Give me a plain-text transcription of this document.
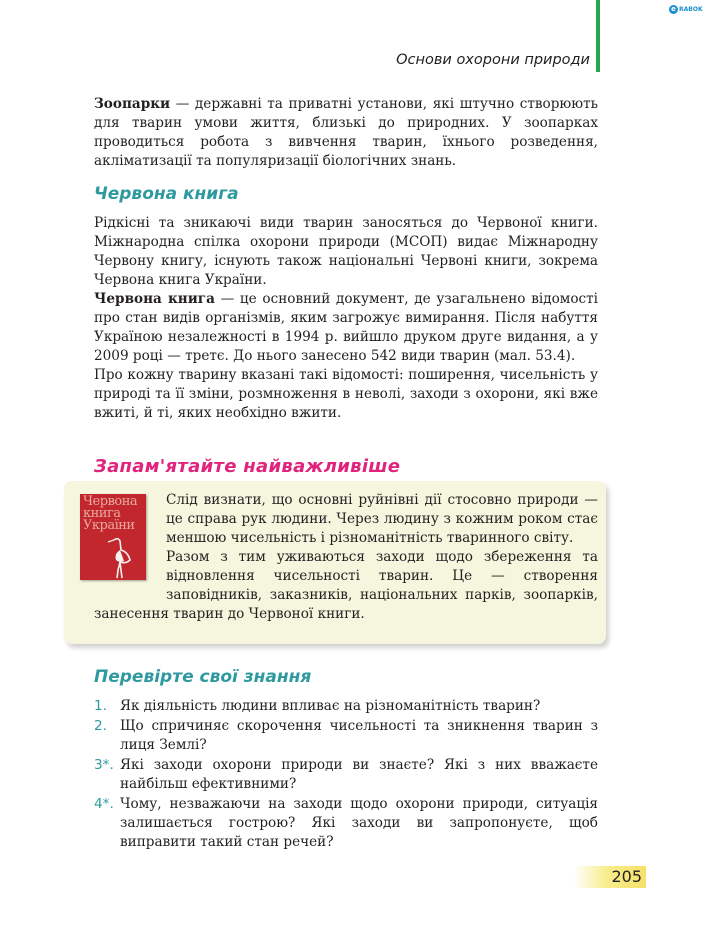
e RABOK
Основи охорони природи

Зоопарки — державні та приватні установи, які штучно створюють для тварин умови життя, близькі до природних. У зоопарках проводиться робота з вивчення тварин, їхнього розведення, акліматизації та популяризації біологічних знань.

Червона книга

Рідкісні та зникаючі види тварин заносяться до Червоної книги. Міжнародна спілка охорони природи (МСОП) видає Міжнародну Червону книгу, існують також національні Червоні книги, зокрема Червона книга України.

Червона книга — це основний документ, де узагальнено відомості про стан видів організмів, яким загрожує вимирання. Після набуття Україною незалежності в 1994 р. вийшло друком друге видання, а у 2009 році — третє. До нього занесено 542 види тварин (мал. 53.4).

Про кожну тварину вказані такі відомості: поширення, чисельність у природі та її зміни, розмноження в неволі, заходи з охорони, які вже вжиті, й ті, яких необхідно вжити.

Запам'ятайте найважливіше
Червона книга України

Слід визнати, що основні руйнівні дії стосовно природи — це справа рук людини. Через людину з кожним роком стає меншою чисельність і різноманітність тваринного світу.

Разом з тим уживаються заходи щодо збереження та відновлення чисельності тварин. Це — створення заповідників, заказників, національних парків, зоопарків, занесення тварин до Червоної книги.

Перевірте свої знання
1. Як діяльність людини впливає на різноманітність тварин?
2. Що спричиняє скорочення чисельності та зникнення тварин з лиця Землі?
3*. Які заходи охорони природи ви знаєте? Які з них вважаєте найбільш ефективними?
4*. Чому, незважаючи на заходи щодо охорони природи, ситуація залишається гострою? Які заходи ви запропонуєте, щоб виправити такий стан речей?
205
